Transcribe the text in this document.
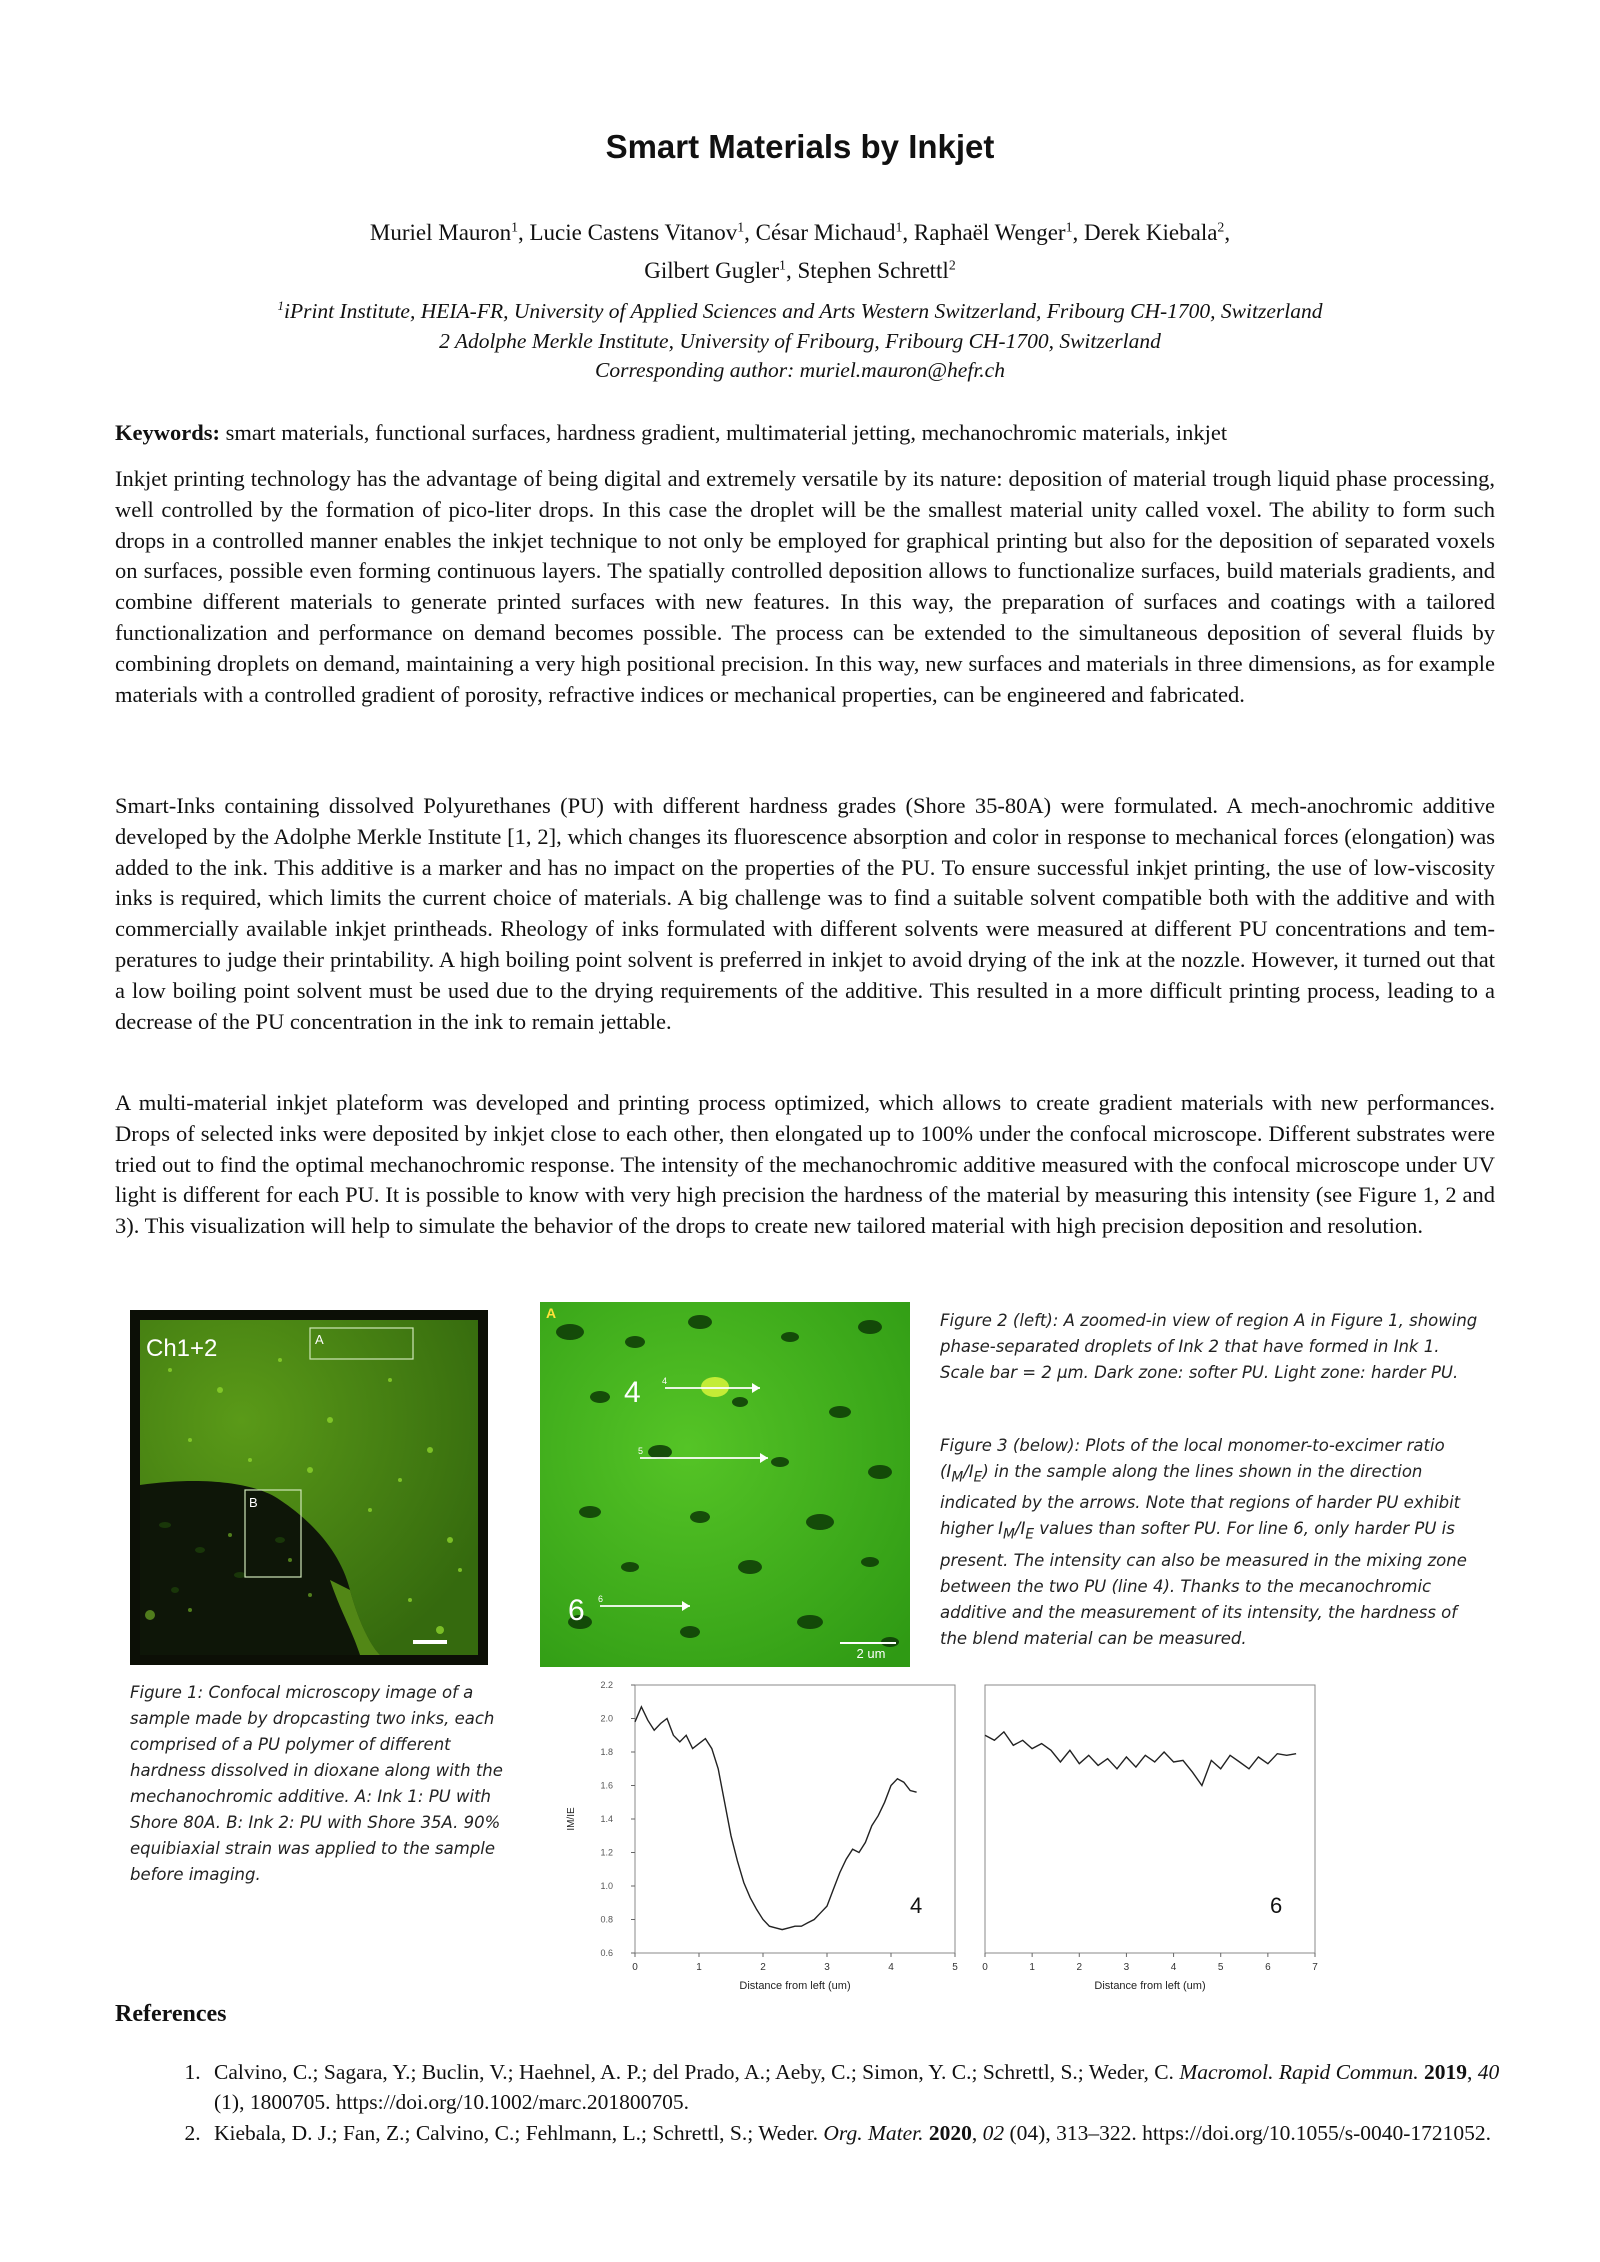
Smart Materials by Inkjet
Muriel Mauron$^1$, Lucie Castens Vitanov$^1$, César Michaud$^1$, Raphaël Wenger$^1$, Derek Kiebala$^2$,
Gilbert Gugler$^1$, Stephen Schrettl$^2$
$^1$iPrint Institute, HEIA-FR, University of Applied Sciences and Arts Western Switzerland, Fribourg CH-1700, Switzerland
2 Adolphe Merkle Institute, University of Fribourg, Fribourg CH-1700, Switzerland
Corresponding author: muriel.mauron@hefr.ch
Keywords: smart materials, functional surfaces, hardness gradient, multimaterial jetting, mechanochromic materials, inkjet
Inkjet printing technology has the advantage of being digital and extremely versatile by its nature: deposition of material trough liquid phase processing, well controlled by the formation of pico-liter drops. In this case the droplet will be the smallest material unity called voxel. The ability to form such drops in a controlled manner enables the inkjet technique to not only be employed for graphical printing but also for the deposition of separated voxels on surfaces, possible even forming continuous layers. The spatially controlled deposition allows to functionalize surfaces, build materials gradients, and combine different materials to generate printed surfaces with new features. In this way, the preparation of surfaces and coatings with a tailored functionalization and performance on demand becomes possible. The process can be extended to the simultaneous deposition of several fluids by combining droplets on demand, maintaining a very high positional precision. In this way, new surfaces and materials in three dimensions, as for example materials with a controlled gradient of porosity, refractive indices or mechanical properties, can be engineered and fabricated.
Smart-Inks containing dissolved Polyurethanes (PU) with different hardness grades (Shore 35-80A) were formulated. A mech-anochromic additive developed by the Adolphe Merkle Institute [1, 2], which changes its fluorescence absorption and color in response to mechanical forces (elongation) was added to the ink. This additive is a marker and has no impact on the properties of the PU. To ensure successful inkjet printing, the use of low-viscosity inks is required, which limits the current choice of materials. A big challenge was to find a suitable solvent compatible both with the additive and with commercially available inkjet printheads. Rheology of inks formulated with different solvents were measured at different PU concentrations and tem-peratures to judge their printability. A high boiling point solvent is preferred in inkjet to avoid drying of the ink at the nozzle. However, it turned out that a low boiling point solvent must be used due to the drying requirements of the additive. This resulted in a more difficult printing process, leading to a decrease of the PU concentration in the ink to remain jettable.
A multi-material inkjet plateform was developed and printing process optimized, which allows to create gradient materials with new performances. Drops of selected inks were deposited by inkjet close to each other, then elongated up to 100% under the confocal microscope. Different substrates were tried out to find the optimal mechanochromic response. The intensity of the mechanochromic additive measured with the confocal microscope under UV light is different for each PU. It is possible to know with very high precision the hardness of the material by measuring this intensity (see Figure 1, 2 and 3). This visualization will help to simulate the behavior of the drops to create new tailored material with high precision deposition and resolution.
Ch1+2	A
B
A
4 4
5
6 6
2 um
Figure 2 (left): A zoomed-in view of region A in Figure 1, showing phase-separated droplets of Ink 2 that have formed in Ink 1. Scale bar = 2 µm. Dark zone: softer PU. Light zone: harder PU.
Figure 3 (below): Plots of the local monomer-to-excimer ratio $(I_M/I_E)$ in the sample along the lines shown in the direction indicated by the arrows. Note that regions of harder PU exhibit higher $I_M/I_E$ values than softer PU. For line 6, only harder PU is present. The intensity can also be measured in the mixing zone between the two PU (line 4). Thanks to the mecanochromic additive and the measurement of its intensity, the hardness of the blend material can be measured.
Figure 1: Confocal microscopy image of a sample made by dropcasting two inks, each comprised of a PU polymer of different hardness dissolved in dioxane along with the mechanochromic additive. A: Ink 1: PU with Shore 80A. B: Ink 2: PU with Shore 35A. 90% equibiaxial strain was applied to the sample before imaging.
0.6
0.8
1.0
1.2
1.4
1.6
1.8
2.0
2.2
0	1	2	3	4	5
Distance from left (um)
IM/IE
4
0	1	2	3	4	5	6	7
Distance from left (um)
6
References
1. Calvino, C.; Sagara, Y.; Buclin, V.; Haehnel, A. P.; del Prado, A.; Aeby, C.; Simon, Y. C.; Schrettl, S.; Weder, C. Macromol. Rapid Commun. 2019, 40 (1), 1800705. https://doi.org/10.1002/marc.201800705.
2. Kiebala, D. J.; Fan, Z.; Calvino, C.; Fehlmann, L.; Schrettl, S.; Weder. Org. Mater. 2020, 02 (04), 313–322. https://doi.org/10.1055/s-0040-1721052.
